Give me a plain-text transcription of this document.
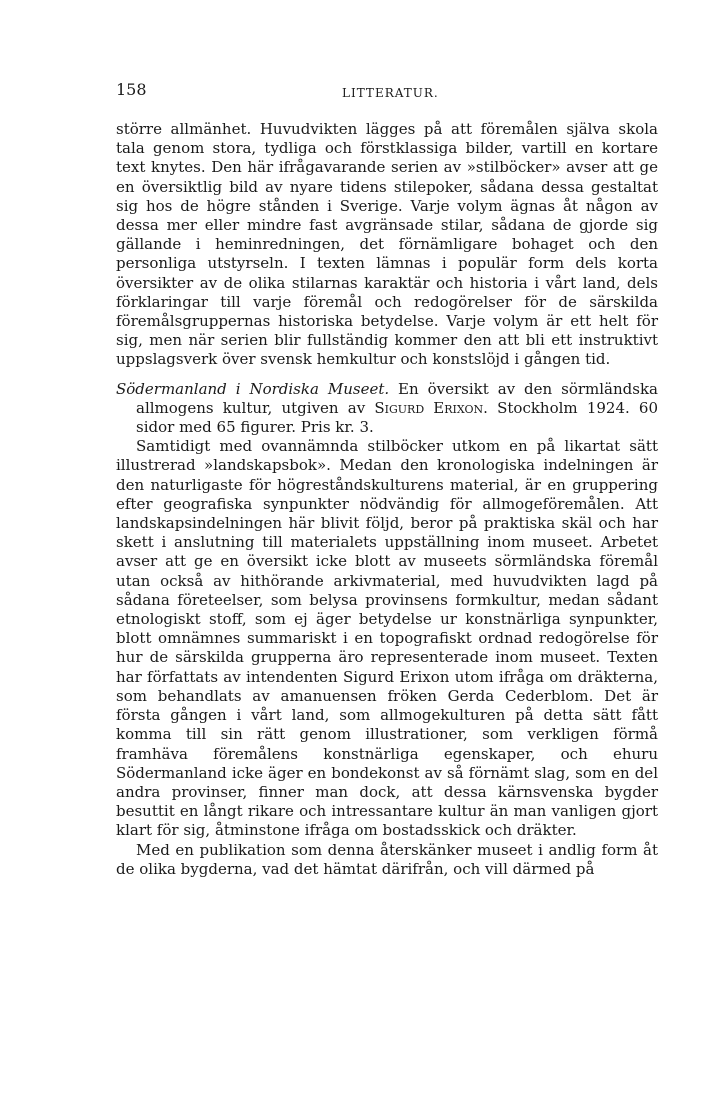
158	LITTERATUR.

större allmänhet. Huvudvikten lägges på att föremålen själva skola tala genom stora, tydliga och förstklassiga bilder, vartill en kortare text knytes. Den här ifrågavarande serien av »stilböcker» avser att ge en översiktlig bild av nyare tidens stilepoker, sådana dessa gestaltat sig hos de högre stånden i Sverige. Varje volym ägnas åt någon av dessa mer eller mindre fast avgränsade stilar, sådana de gjorde sig gällande i heminredningen, det förnämligare bohaget och den personliga utstyrseln. I texten lämnas i populär form dels korta översikter av de olika stilarnas karaktär och historia i vårt land, dels förklaringar till varje föremål och redogörelser för de särskilda föremålsgruppernas historiska betydelse. Varje volym är ett helt för sig, men när serien blir fullständig kommer den att bli ett instruktivt uppslagsverk över svensk hemkultur och konstslöjd i gången tid.

Södermanland i Nordiska Museet. En översikt av den sörmländska allmogens kultur, utgiven av Sigurd Erixon. Stockholm 1924. 60 sidor med 65 figurer. Pris kr. 3.

Samtidigt med ovannämnda stilböcker utkom en på likartat sätt illustrerad »landskapsbok». Medan den kronologiska indelningen är den naturligaste för högreståndskulturens material, är en gruppering efter geografiska synpunkter nödvändig för allmogeföremålen. Att landskapsindelningen här blivit följd, beror på praktiska skäl och har skett i anslutning till materialets uppställning inom museet. Arbetet avser att ge en översikt icke blott av museets sörmländska föremål utan också av hithörande arkivmaterial, med huvudvikten lagd på sådana företeelser, som belysa provinsens formkultur, medan sådant etnologiskt stoff, som ej äger betydelse ur konstnärliga synpunkter, blott omnämnes summariskt i en topografiskt ordnad redogörelse för hur de särskilda grupperna äro representerade inom museet. Texten har författats av intendenten Sigurd Erixon utom ifråga om dräkterna, som behandlats av amanuensen fröken Gerda Cederblom. Det är första gången i vårt land, som allmogekulturen på detta sätt fått komma till sin rätt genom illustrationer, som verkligen förmå framhäva föremålens konstnärliga egenskaper, och ehuru Södermanland icke äger en bondekonst av så förnämt slag, som en del andra provinser, finner man dock, att dessa kärnsvenska bygder besuttit en långt rikare och intressantare kultur än man vanligen gjort klart för sig, åtminstone ifråga om bostadsskick och dräkter.

Med en publikation som denna återskänker museet i andlig form åt de olika bygderna, vad det hämtat därifrån, och vill därmed på
